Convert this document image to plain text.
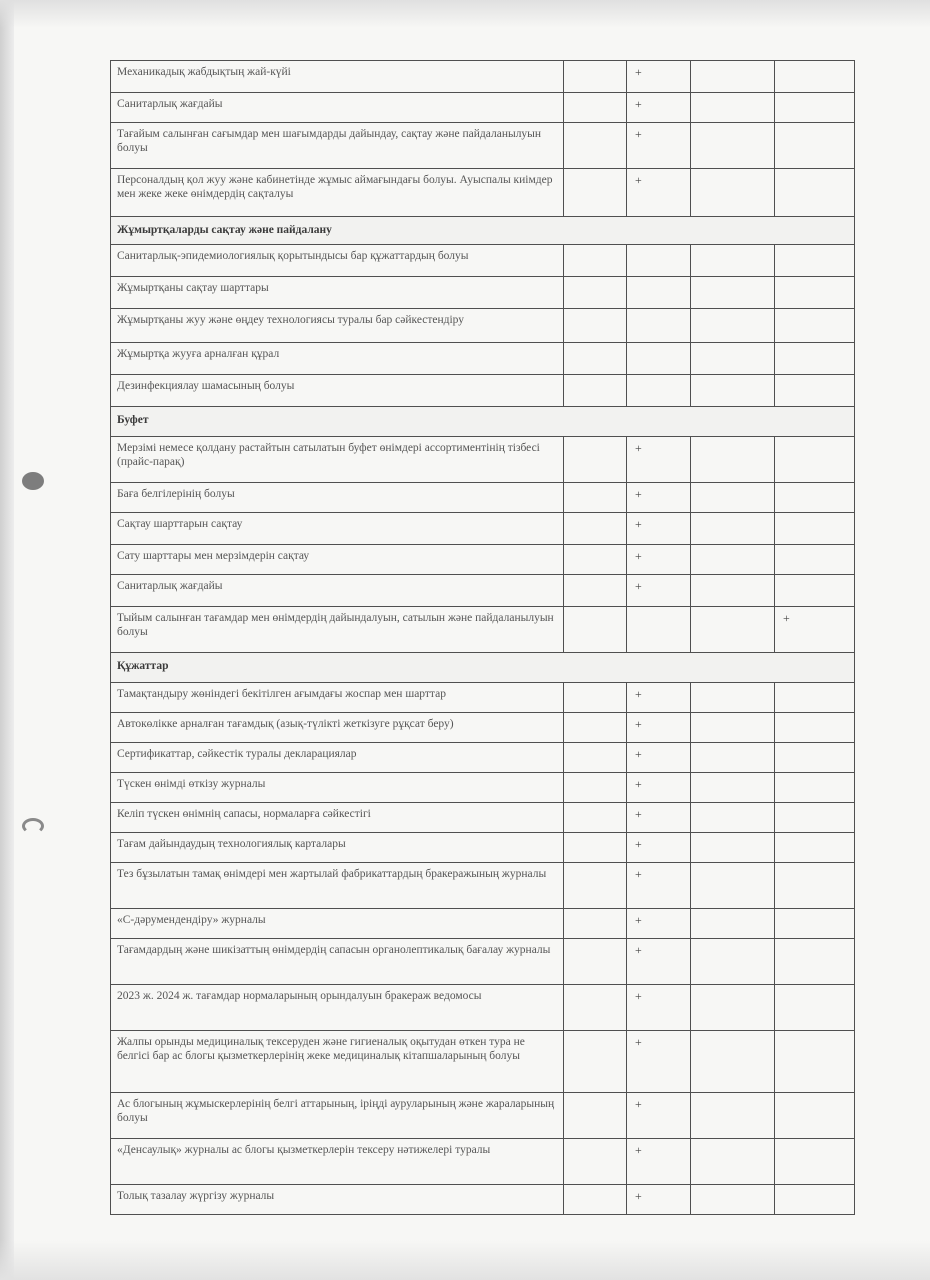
Механикадық жабдықтың жай-күйі		+		
Санитарлық жағдайы		+		
Тағайым салынған сағымдар мен шағымдарды дайындау, сақтау және пайдаланылуын болуы		+		
Персоналдың қол жуу және кабинетінде жұмыс аймағындағы болуы. Ауыспалы киімдер мен жеке жеке өнімдердің сақталуы		+		
Жұмыртқаларды сақтау және пайдалану				
Санитарлық-эпидемиологиялық қорытындысы бар құжаттардың болуы				
Жұмыртқаны сақтау шарттары				
Жұмыртқаны жуу және өңдеу технологиясы туралы бар сәйкестендіру				
Жұмыртқа жууға арналған құрал				
Дезинфекциялау шамасының болуы				
Буфет				
Мерзімі немесе қолдану растайтын сатылатын буфет өнімдері ассортиментінің тізбесі (прайс-парақ)		+		
Баға белгілерінің болуы		+		
Сақтау шарттарын сақтау		+		
Сату шарттары мен мерзімдерін сақтау		+		
Санитарлық жағдайы		+		
Тыйым салынған тағамдар мен өнімдердің дайындалуын, сатылын және пайдаланылуын болуы				+
Құжаттар				
Тамақтандыру жөніндегі бекітілген ағымдағы жоспар мен шарттар		+		
Автокөлікке арналған тағамдық (азық-түлікті жеткізуге рұқсат беру)		+		
Сертификаттар, сәйкестік туралы декларациялар		+		
Түскен өнімді өткізу журналы		+		
Келіп түскен өнімнің сапасы, нормаларға сәйкестігі		+		
Тағам дайындаудың технологиялық карталары		+		
Тез бұзылатын тамақ өнімдері мен жартылай фабрикаттардың бракеражының журналы		+		
«С-дәрумендендіру» журналы		+		
Тағамдардың және шикізаттың өнімдердің сапасын органолептикалық бағалау журналы		+		
2023 ж. 2024 ж. тағамдар нормаларының орындалуын бракераж ведомосы		+		
Жалпы орынды медициналық тексеруден және гигиеналық оқытудан өткен тура не белгісі бар ас блогы қызметкерлерінің жеке медициналық кітапшаларының болуы		+		
Ас блогының жұмыскерлерінің белгі аттарының, іріңді ауруларының және жараларының болуы		+		
«Денсаулық» журналы ас блогы қызметкерлерін тексеру нәтижелері туралы		+		
Толық тазалау жүргізу журналы		+		
